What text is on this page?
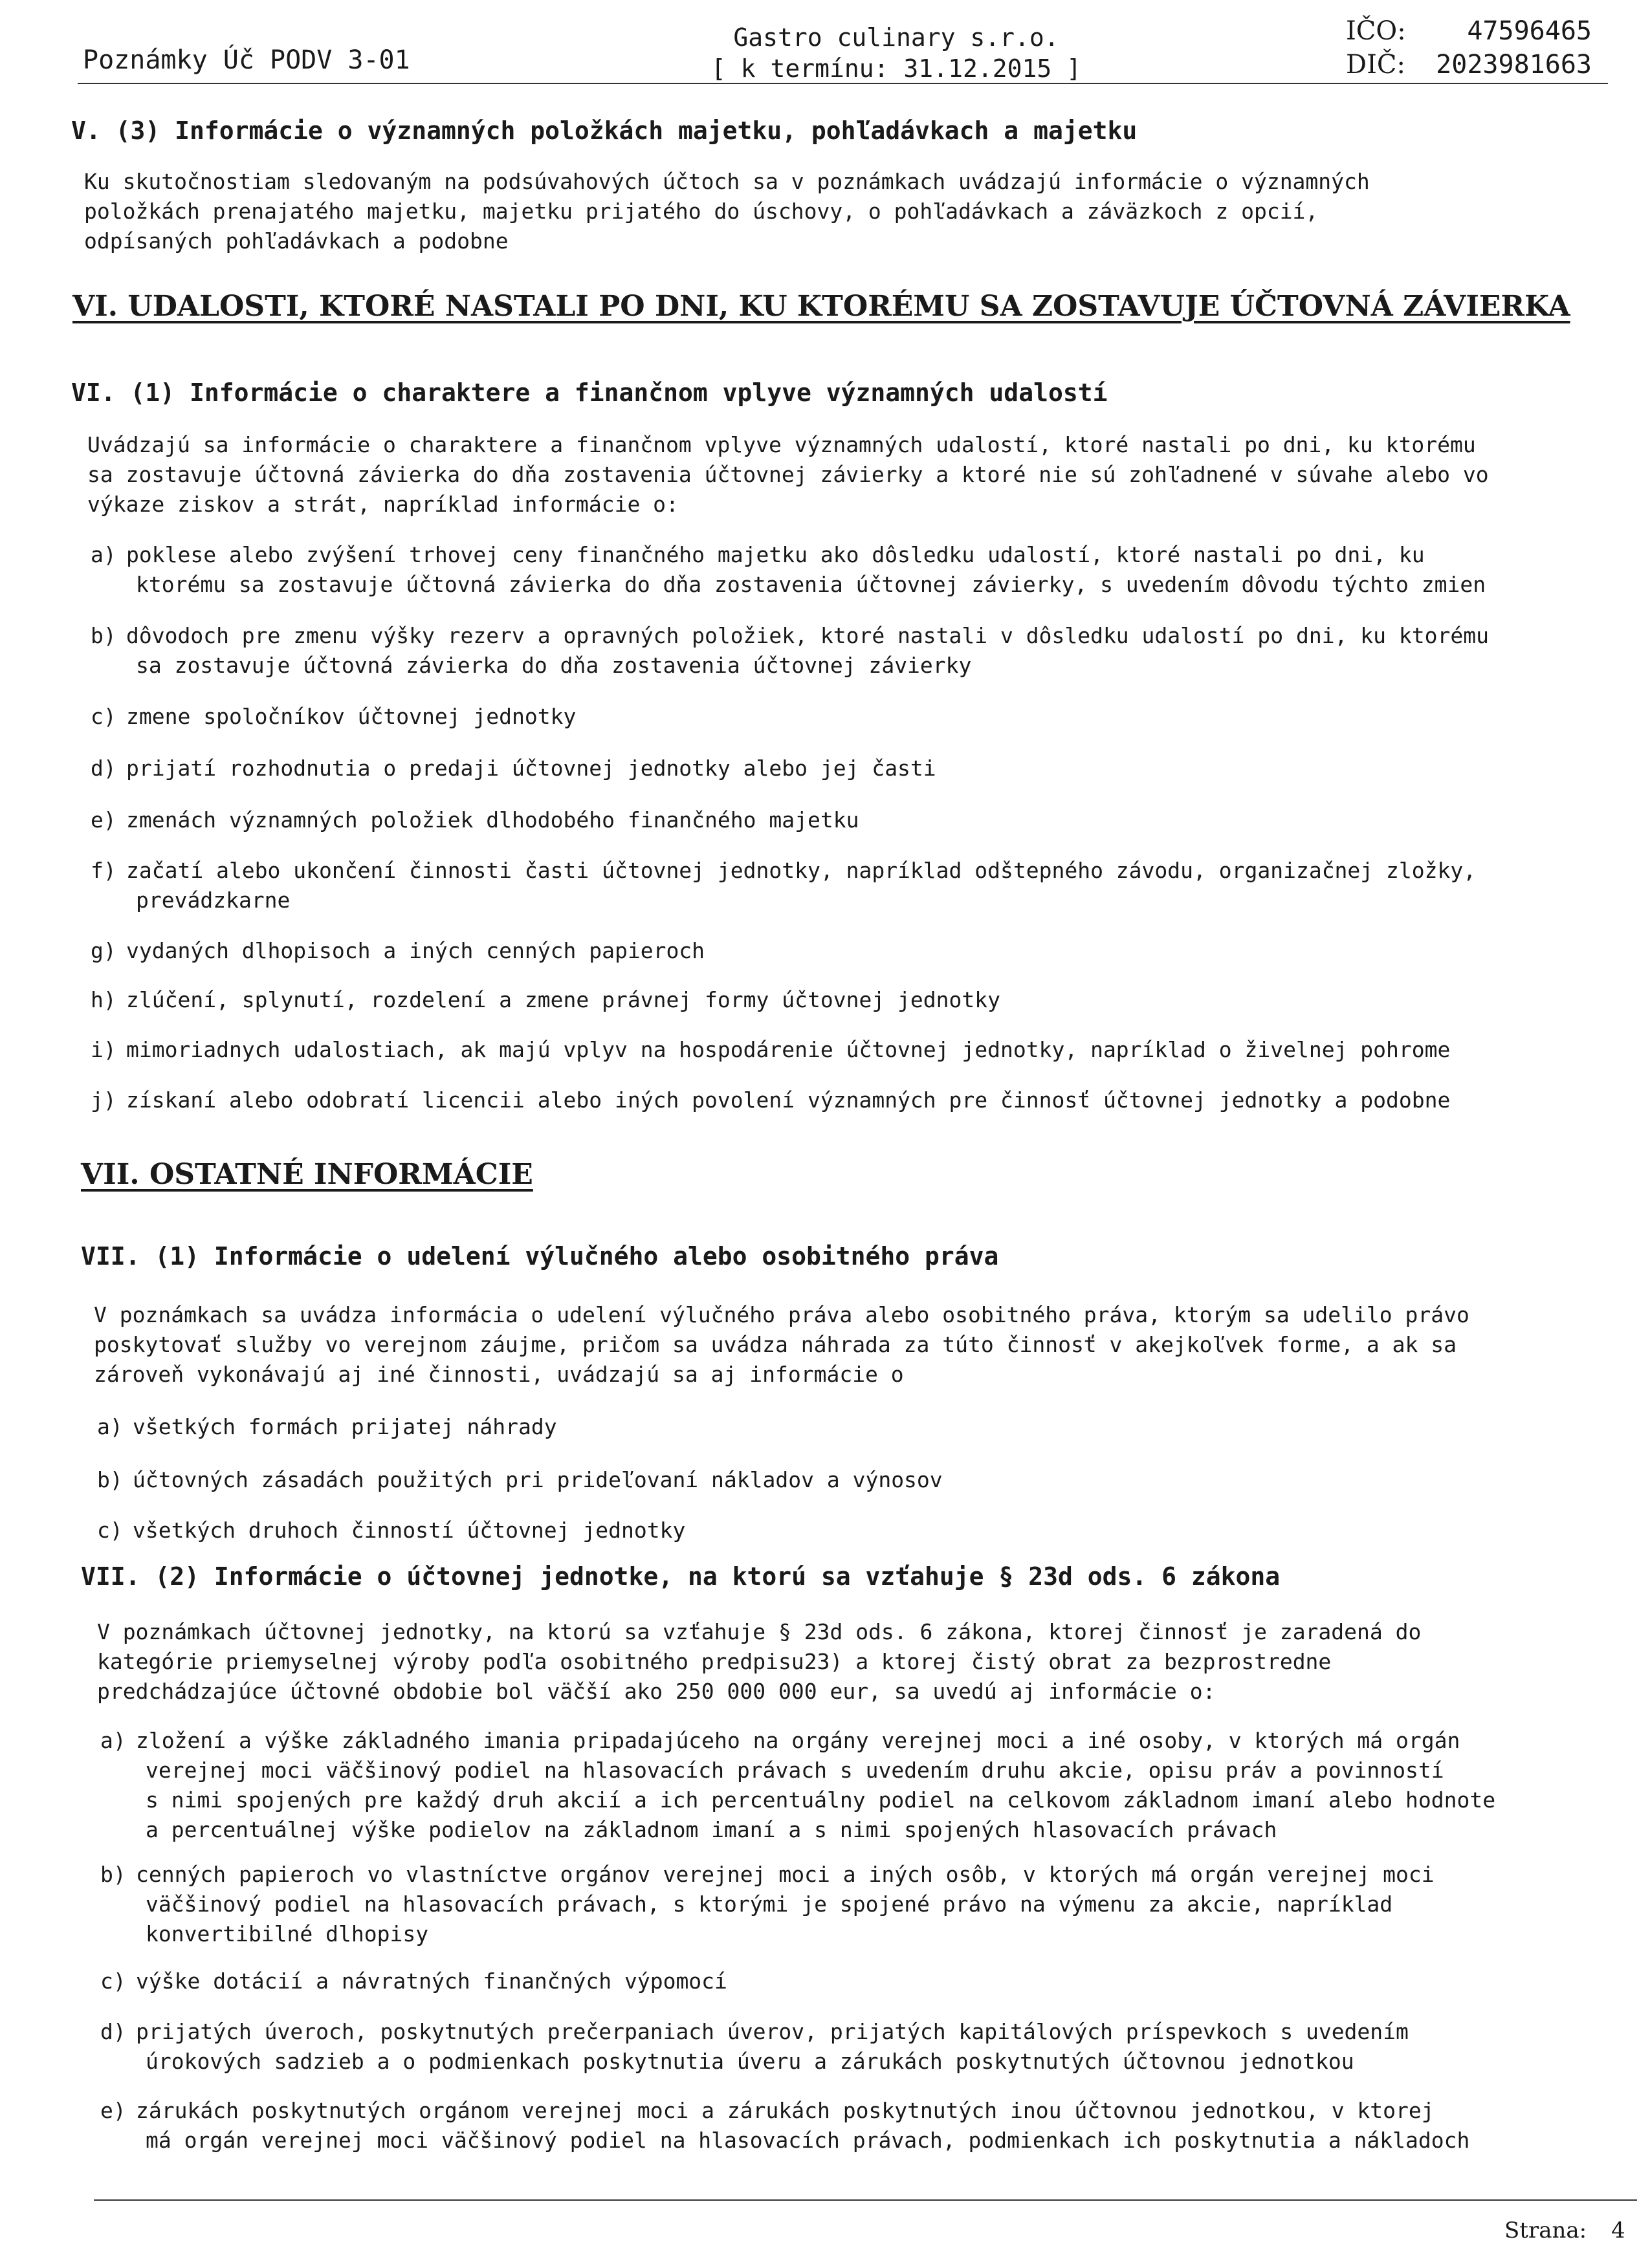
Poznámky Úč PODV 3-01
Gastro culinary s.r.o.
[ k termínu: 31.12.2015 ]
IČO:
DIČ:
47596465
2023981663
V. (3) Informácie o významných položkách majetku, pohľadávkach a majetku
Ku skutočnostiam sledovaným na podsúvahových účtoch sa v poznámkach uvádzajú informácie o významných
položkách prenajatého majetku, majetku prijatého do úschovy, o pohľadávkach a záväzkoch z opcií,
odpísaných pohľadávkach a podobne
VI. UDALOSTI, KTORÉ NASTALI PO DNI, KU KTORÉMU SA ZOSTAVUJE ÚČTOVNÁ ZÁVIERKA
VI. (1) Informácie o charaktere a finančnom vplyve významných udalostí
Uvádzajú sa informácie o charaktere a finančnom vplyve významných udalostí, ktoré nastali po dni, ku ktorému
sa zostavuje účtovná závierka do dňa zostavenia účtovnej závierky a ktoré nie sú zohľadnené v súvahe alebo vo
výkaze ziskov a strát, napríklad informácie o:
a) poklese alebo zvýšení trhovej ceny finančného majetku ako dôsledku udalostí, ktoré nastali po dni, ku
ktorému sa zostavuje účtovná závierka do dňa zostavenia účtovnej závierky, s uvedením dôvodu týchto zmien
b) dôvodoch pre zmenu výšky rezerv a opravných položiek, ktoré nastali v dôsledku udalostí po dni, ku ktorému
sa zostavuje účtovná závierka do dňa zostavenia účtovnej závierky
c) zmene spoločníkov účtovnej jednotky
d) prijatí rozhodnutia o predaji účtovnej jednotky alebo jej časti
e) zmenách významných položiek dlhodobého finančného majetku
f) začatí alebo ukončení činnosti časti účtovnej jednotky, napríklad odštepného závodu, organizačnej zložky,
prevádzkarne
g) vydaných dlhopisoch a iných cenných papieroch
h) zlúčení, splynutí, rozdelení a zmene právnej formy účtovnej jednotky
i) mimoriadnych udalostiach, ak majú vplyv na hospodárenie účtovnej jednotky, napríklad o živelnej pohrome
j) získaní alebo odobratí licencii alebo iných povolení významných pre činnosť účtovnej jednotky a podobne
VII. OSTATNÉ INFORMÁCIE
VII. (1) Informácie o udelení výlučného alebo osobitného práva
V poznámkach sa uvádza informácia o udelení výlučného práva alebo osobitného práva, ktorým sa udelilo právo
poskytovať služby vo verejnom záujme, pričom sa uvádza náhrada za túto činnosť v akejkoľvek forme, a ak sa
zároveň vykonávajú aj iné činnosti, uvádzajú sa aj informácie o
a) všetkých formách prijatej náhrady
b) účtovných zásadách použitých pri prideľovaní nákladov a výnosov
c) všetkých druhoch činností účtovnej jednotky
VII. (2) Informácie o účtovnej jednotke, na ktorú sa vzťahuje § 23d ods. 6 zákona
V poznámkach účtovnej jednotky, na ktorú sa vzťahuje § 23d ods. 6 zákona, ktorej činnosť je zaradená do
kategórie priemyselnej výroby podľa osobitného predpisu23) a ktorej čistý obrat za bezprostredne
predchádzajúce účtovné obdobie bol väčší ako 250 000 000 eur, sa uvedú aj informácie o:
a) zložení a výške základného imania pripadajúceho na orgány verejnej moci a iné osoby, v ktorých má orgán
verejnej moci väčšinový podiel na hlasovacích právach s uvedením druhu akcie, opisu práv a povinností
s nimi spojených pre každý druh akcií a ich percentuálny podiel na celkovom základnom imaní alebo hodnote
a percentuálnej výške podielov na základnom imaní a s nimi spojených hlasovacích právach
b) cenných papieroch vo vlastníctve orgánov verejnej moci a iných osôb, v ktorých má orgán verejnej moci
väčšinový podiel na hlasovacích právach, s ktorými je spojené právo na výmenu za akcie, napríklad
konvertibilné dlhopisy
c) výške dotácií a návratných finančných výpomocí
d) prijatých úveroch, poskytnutých prečerpaniach úverov, prijatých kapitálových príspevkoch s uvedením
úrokových sadzieb a o podmienkach poskytnutia úveru a zárukách poskytnutých účtovnou jednotkou
e) zárukách poskytnutých orgánom verejnej moci a zárukách poskytnutých inou účtovnou jednotkou, v ktorej
má orgán verejnej moci väčšinový podiel na hlasovacích právach, podmienkach ich poskytnutia a nákladoch
Strana: 4
